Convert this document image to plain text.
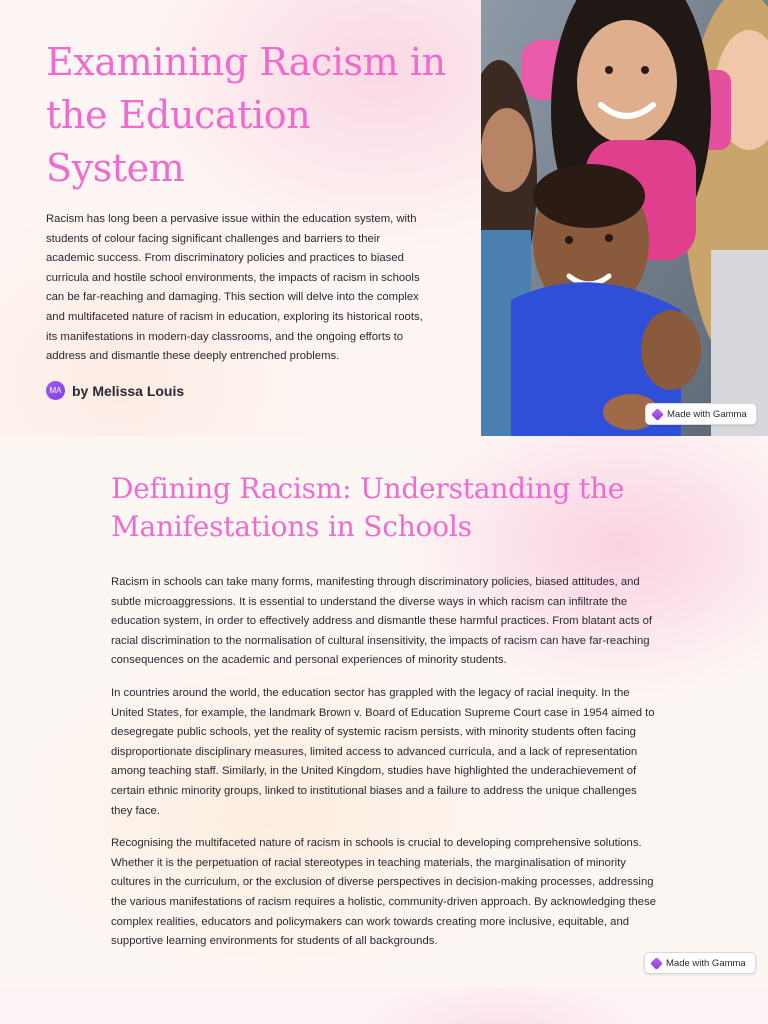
Examining Racism in the Education System

Racism has long been a pervasive issue within the education system, with students of colour facing significant challenges and barriers to their academic success. From discriminatory policies and practices to biased curricula and hostile school environments, the impacts of racism in schools can be far-reaching and damaging. This section will delve into the complex and multifaceted nature of racism in education, exploring its historical roots, its manifestations in modern-day classrooms, and the ongoing efforts to address and dismantle these deeply entrenched problems.

MA by Melissa Louis
Made with Gamma
Defining Racism: Understanding the Manifestations in Schools

Racism in schools can take many forms, manifesting through discriminatory policies, biased attitudes, and subtle microaggressions. It is essential to understand the diverse ways in which racism can infiltrate the education system, in order to effectively address and dismantle these harmful practices. From blatant acts of racial discrimination to the normalisation of cultural insensitivity, the impacts of racism can have far-reaching consequences on the academic and personal experiences of minority students.

In countries around the world, the education sector has grappled with the legacy of racial inequity. In the United States, for example, the landmark Brown v. Board of Education Supreme Court case in 1954 aimed to desegregate public schools, yet the reality of systemic racism persists, with minority students often facing disproportionate disciplinary measures, limited access to advanced curricula, and a lack of representation among teaching staff. Similarly, in the United Kingdom, studies have highlighted the underachievement of certain ethnic minority groups, linked to institutional biases and a failure to address the unique challenges they face.

Recognising the multifaceted nature of racism in schools is crucial to developing comprehensive solutions. Whether it is the perpetuation of racial stereotypes in teaching materials, the marginalisation of minority cultures in the curriculum, or the exclusion of diverse perspectives in decision-making processes, addressing the various manifestations of racism requires a holistic, community-driven approach. By acknowledging these complex realities, educators and policymakers can work towards creating more inclusive, equitable, and supportive learning environments for students of all backgrounds.

Made with Gamma
